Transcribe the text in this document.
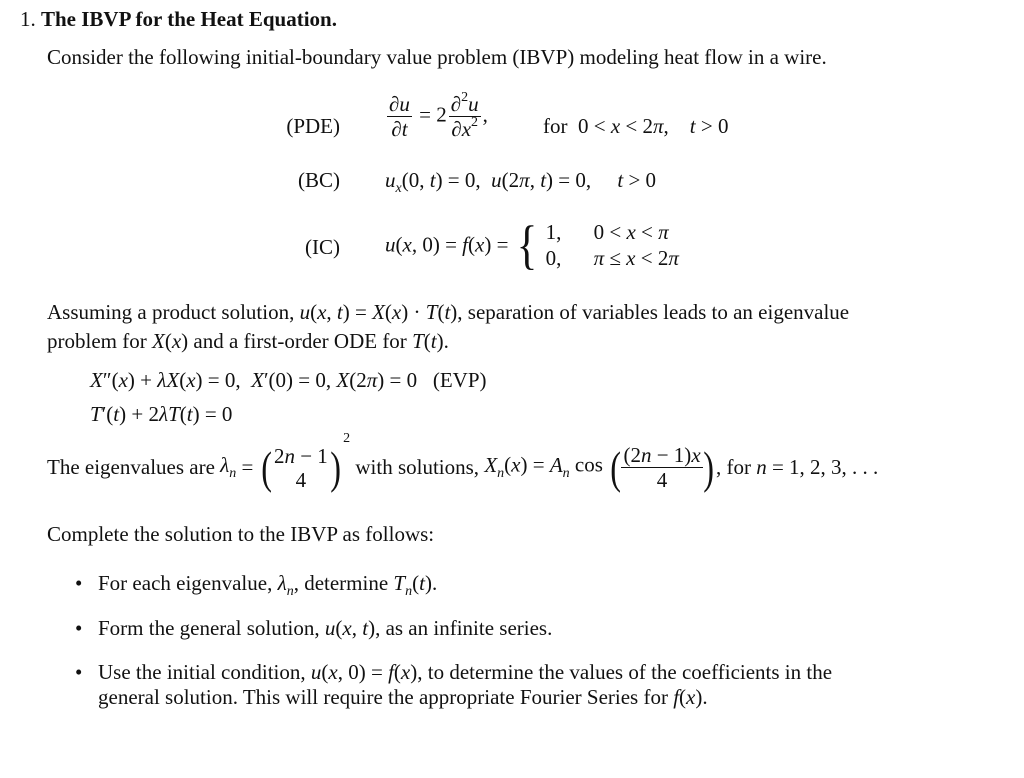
1. The IBVP for the Heat Equation.
Consider the following initial-boundary value problem (IBVP) modeling heat flow in a wire.
$(PDE) \frac{\partial u}{\partial t} = 2 \frac{\partial^2u}{\partial x^2}$ ,	for  0 < x < 2π,    t > 0
(BC) $u_x(0$, t) = 0,  u(2π, t) = 0,     t > 0
(IC) u(x, 0) = f(x) = { 1,	0 < x < π
0,	π ≤ x < 2π
Assuming a product solution, u(x, t) = X(x) · T(t), separation of variables leads to an eigenvalue
problem for X(x) and a first-order ODE for T(t).
X″(x) + λX(x) = 0,  X′(0) = 0, X(2π) = 0   (EVP)
T′(t) + 2λT(t) = 0
The eigenvalues are $\lambda_n$ = ( 2n − 1
4 )$^2$ with solutions, $X_n(x) = A_n$ cos ( $\frac{(2n - 1)x}{4}$ ) , for n = 1, 2, 3, . . .
Complete the solution to the IBVP as follows:
• For each eigenvalue, $\lambda_n$, determine $T_n(t)$.
• Form the general solution, u(x, t), as an infinite series.
• Use the initial condition, u(x, 0) = f(x), to determine the values of the coefficients in the
general solution. This will require the appropriate Fourier Series for f(x).
